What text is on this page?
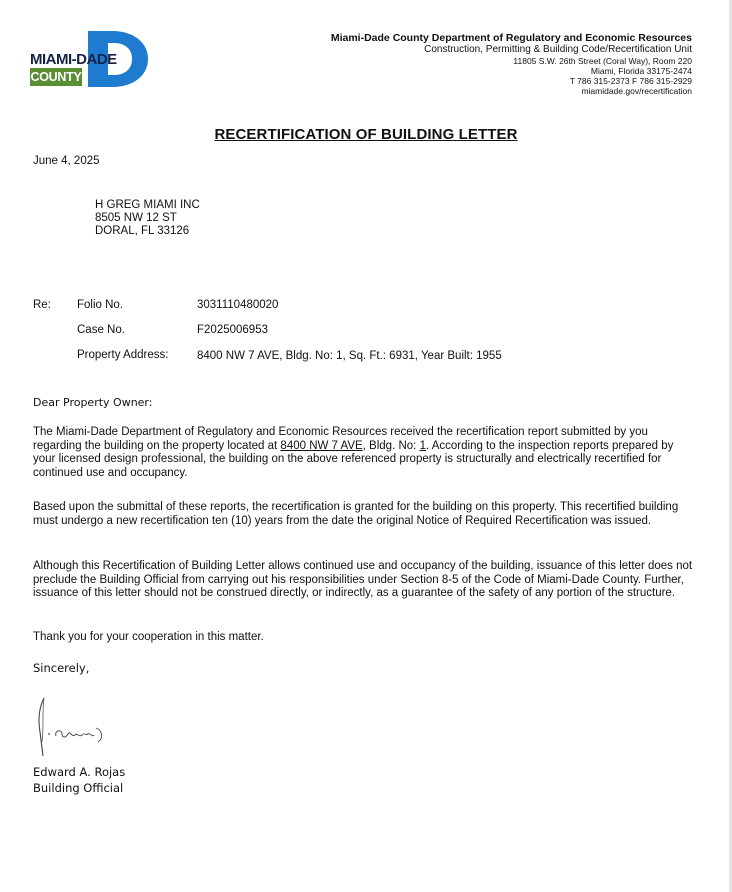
MIAMI-DADE
COUNTY
Miami-Dade County Department of Regulatory and Economic Resources
Construction, Permitting & Building Code/Recertification Unit
11805 S.W. 26th Street (Coral Way), Room 220
Miami, Florida 33175-2474
T 786 315-2373 F 786 315-2929
miamidade.gov/recertification
RECERTIFICATION OF BUILDING LETTER
June 4, 2025
H GREG MIAMI INC
8505 NW 12 ST
DORAL, FL 33126
Re: Folio No.	3031110480020
Case No.	F2025006953
Property Address: 8400 NW 7 AVE, Bldg. No: 1, Sq. Ft.: 6931, Year Built: 1955
Dear Property Owner:
The Miami-Dade Department of Regulatory and Economic Resources received the recertification report submitted by you regarding the building on the property located at 8400 NW 7 AVE, Bldg. No: 1. According to the inspection reports prepared by your licensed design professional, the building on the above referenced property is structurally and electrically recertified for continued use and occupancy.
Based upon the submittal of these reports, the recertification is granted for the building on this property. This recertified building must undergo a new recertification ten (10) years from the date the original Notice of Required Recertification was issued.
Although this Recertification of Building Letter allows continued use and occupancy of the building, issuance of this letter does not preclude the Building Official from carrying out his responsibilities under Section 8-5 of the Code of Miami-Dade County. Further, issuance of this letter should not be construed directly, or indirectly, as a guarantee of the safety of any portion of the structure.
Thank you for your cooperation in this matter.
Sincerely,
Edward A. Rojas
Building Official
